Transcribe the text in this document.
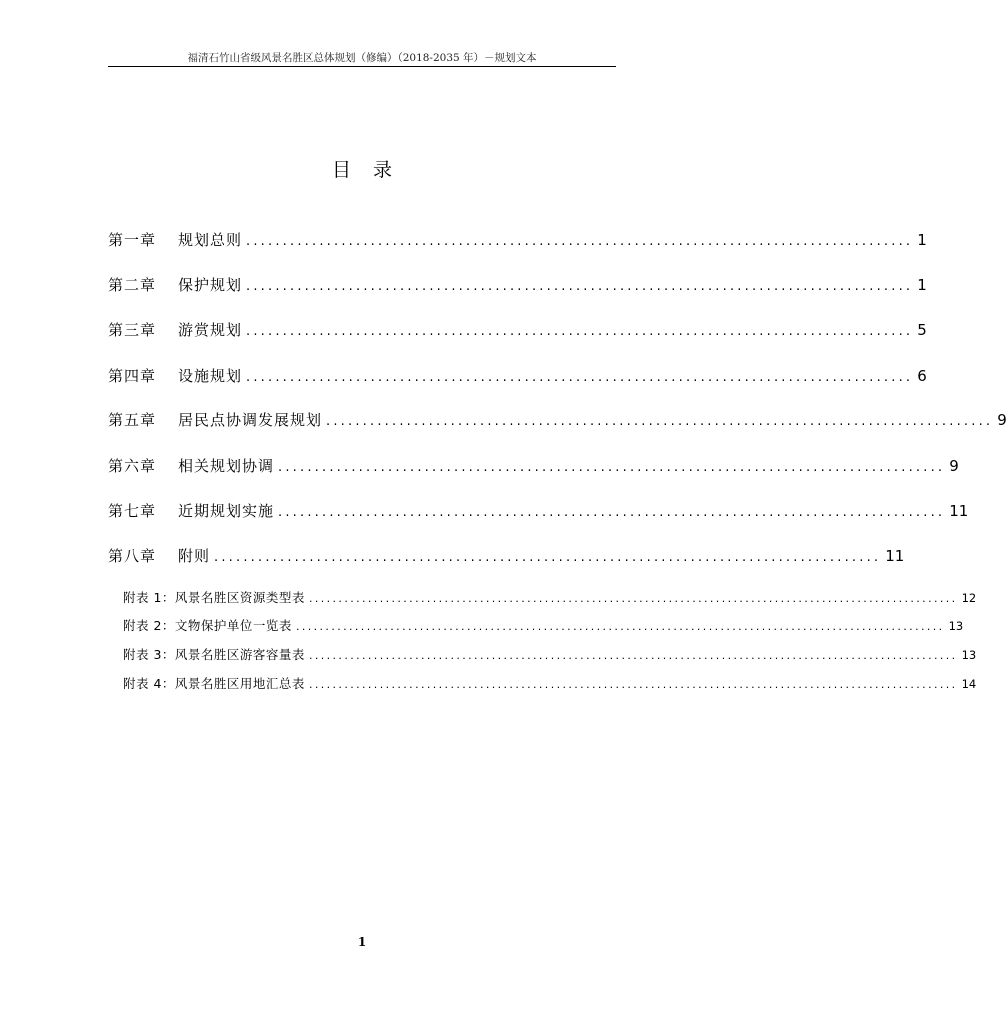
福清石竹山省级风景名胜区总体规划（修编）（2018-2035 年）－规划文本
目录
第一章	规划总则 ........................................................................................... 1
第二章	保护规划 ........................................................................................... 1
第三章	游赏规划 ........................................................................................... 5
第四章	设施规划 ........................................................................................... 6
第五章	居民点协调发展规划 ........................................................................................... 9
第六章	相关规划协调 ........................................................................................... 9
第七章	近期规划实施 ........................................................................................... 11
第八章	附则 ........................................................................................... 11
附表 1：风景名胜区资源类型表 .............................................................................................................. 12
附表 2：文物保护单位一览表 .............................................................................................................. 13
附表 3：风景名胜区游客容量表 .............................................................................................................. 13
附表 4：风景名胜区用地汇总表 .............................................................................................................. 14
1
